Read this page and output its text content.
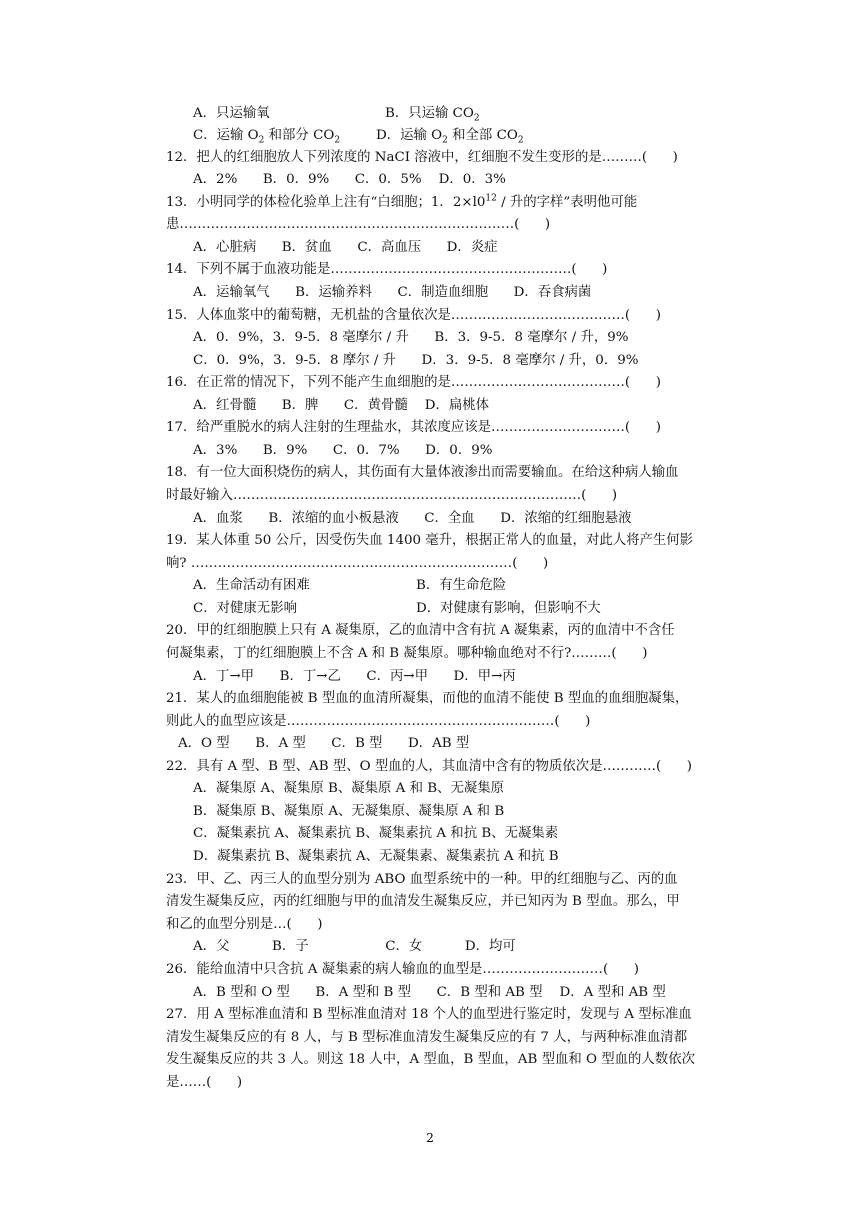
A．只运输氧	B．只运输 $CO_2$
C．运输 $O_2$ 和部分 $CO_2$	D．运输 $O_2$ 和全部 $CO_2$
12．把人的红细胞放人下列浓度的 NaCI 溶液中，红细胞不发生变形的是………(      )
A．2%      B．0．9%      C．0．5%    D．0．3%
13．小明同学的体检化验单上注有“白细胞；1．$2\times l0^{12}$ / 升的字样”表明他可能
患…………………………………………………………………(      )
A．心脏病      B．贫血      C．高血压      D．炎症
14．下列不属于血液功能是………………………………………………(      )
A．运输氧气      B．运输养料      C．制造血细胞      D．吞食病菌
15．人体血浆中的葡萄糖，无机盐的含量依次是…………………………………(      )
A．0．9%，3．9-5．8 毫摩尔 / 升      B．3．9-5．8 毫摩尔 / 升，9%
C．0．9%，3．9-5．8 摩尔 / 升      D．3．9-5．8 毫摩尔 / 升，0．9%
16．在正常的情况下，下列不能产生血细胞的是…………………………………(      )
A．红骨髓      B．脾      C．黄骨髓    D．扁桃体
17．给严重脱水的病人注射的生理盐水，其浓度应该是…………………………(      )
A．3%      B．9%      C．0．7%      D．0．9%
18．有一位大面积烧伤的病人，其伤面有大量体液渗出而需要输血。在给这种病人输血
时最好输入……………………………………………………………………(      )
A．血浆      B．浓缩的血小板悬液      C．全血      D．浓缩的红细胞悬液
19．某人体重 50 公斤，因受伤失血 1400 毫升，根据正常人的血量，对此人将产生何影
响? ………………………………………………………………(      )
A．生命活动有困难	B．有生命危险
C．对健康无影响	D．对健康有影响，但影响不大
20．甲的红细胞膜上只有 A 凝集原，乙的血清中含有抗 A 凝集素，丙的血清中不含任
何凝集素，丁的红细胞膜上不含 A 和 B 凝集原。哪种输血绝对不行?………(      )
A．丁→甲      B．丁→乙      C．丙→甲      D．甲→丙
21．某人的血细胞能被 B 型血的血清所凝集，而他的血清不能使 B 型血的血细胞凝集，
则此人的血型应该是……………………………………………………(      )
A．O 型      B．A 型      C．B 型      D．AB 型
22．具有 A 型、B 型、AB 型、O 型血的人，其血清中含有的物质依次是…………(      )
A．凝集原 A、凝集原 B、凝集原 A 和 B、无凝集原
B．凝集原 B、凝集原 A、无凝集原、凝集原 A 和 B
C．凝集素抗 A、凝集素抗 B、凝集素抗 A 和抗 B、无凝集素
D．凝集素抗 B、凝集素抗 A、无凝集素、凝集素抗 A 和抗 B
23．甲、乙、丙三人的血型分别为 ABO 血型系统中的一种。甲的红细胞与乙、丙的血
清发生凝集反应，丙的红细胞与甲的血清发生凝集反应，并已知丙为 B 型血。那么，甲
和乙的血型分别是…(      )
A．父          B．子                  C．女          D．均可
26．能给血清中只含抗 A 凝集素的病人输血的血型是………………………(      )
A．B 型和 O 型      B．A 型和 B 型      C．B 型和 AB 型    D．A 型和 AB 型
27．用 A 型标准血清和 B 型标准血清对 18 个人的血型进行鉴定时，发现与 A 型标准血
清发生凝集反应的有 8 人，与 B 型标准血清发生凝集反应的有 7 人，与两种标准血清都
发生凝集反应的共 3 人。则这 18 人中，A 型血，B 型血，AB 型血和 O 型血的人数依次
是……(      )
2
